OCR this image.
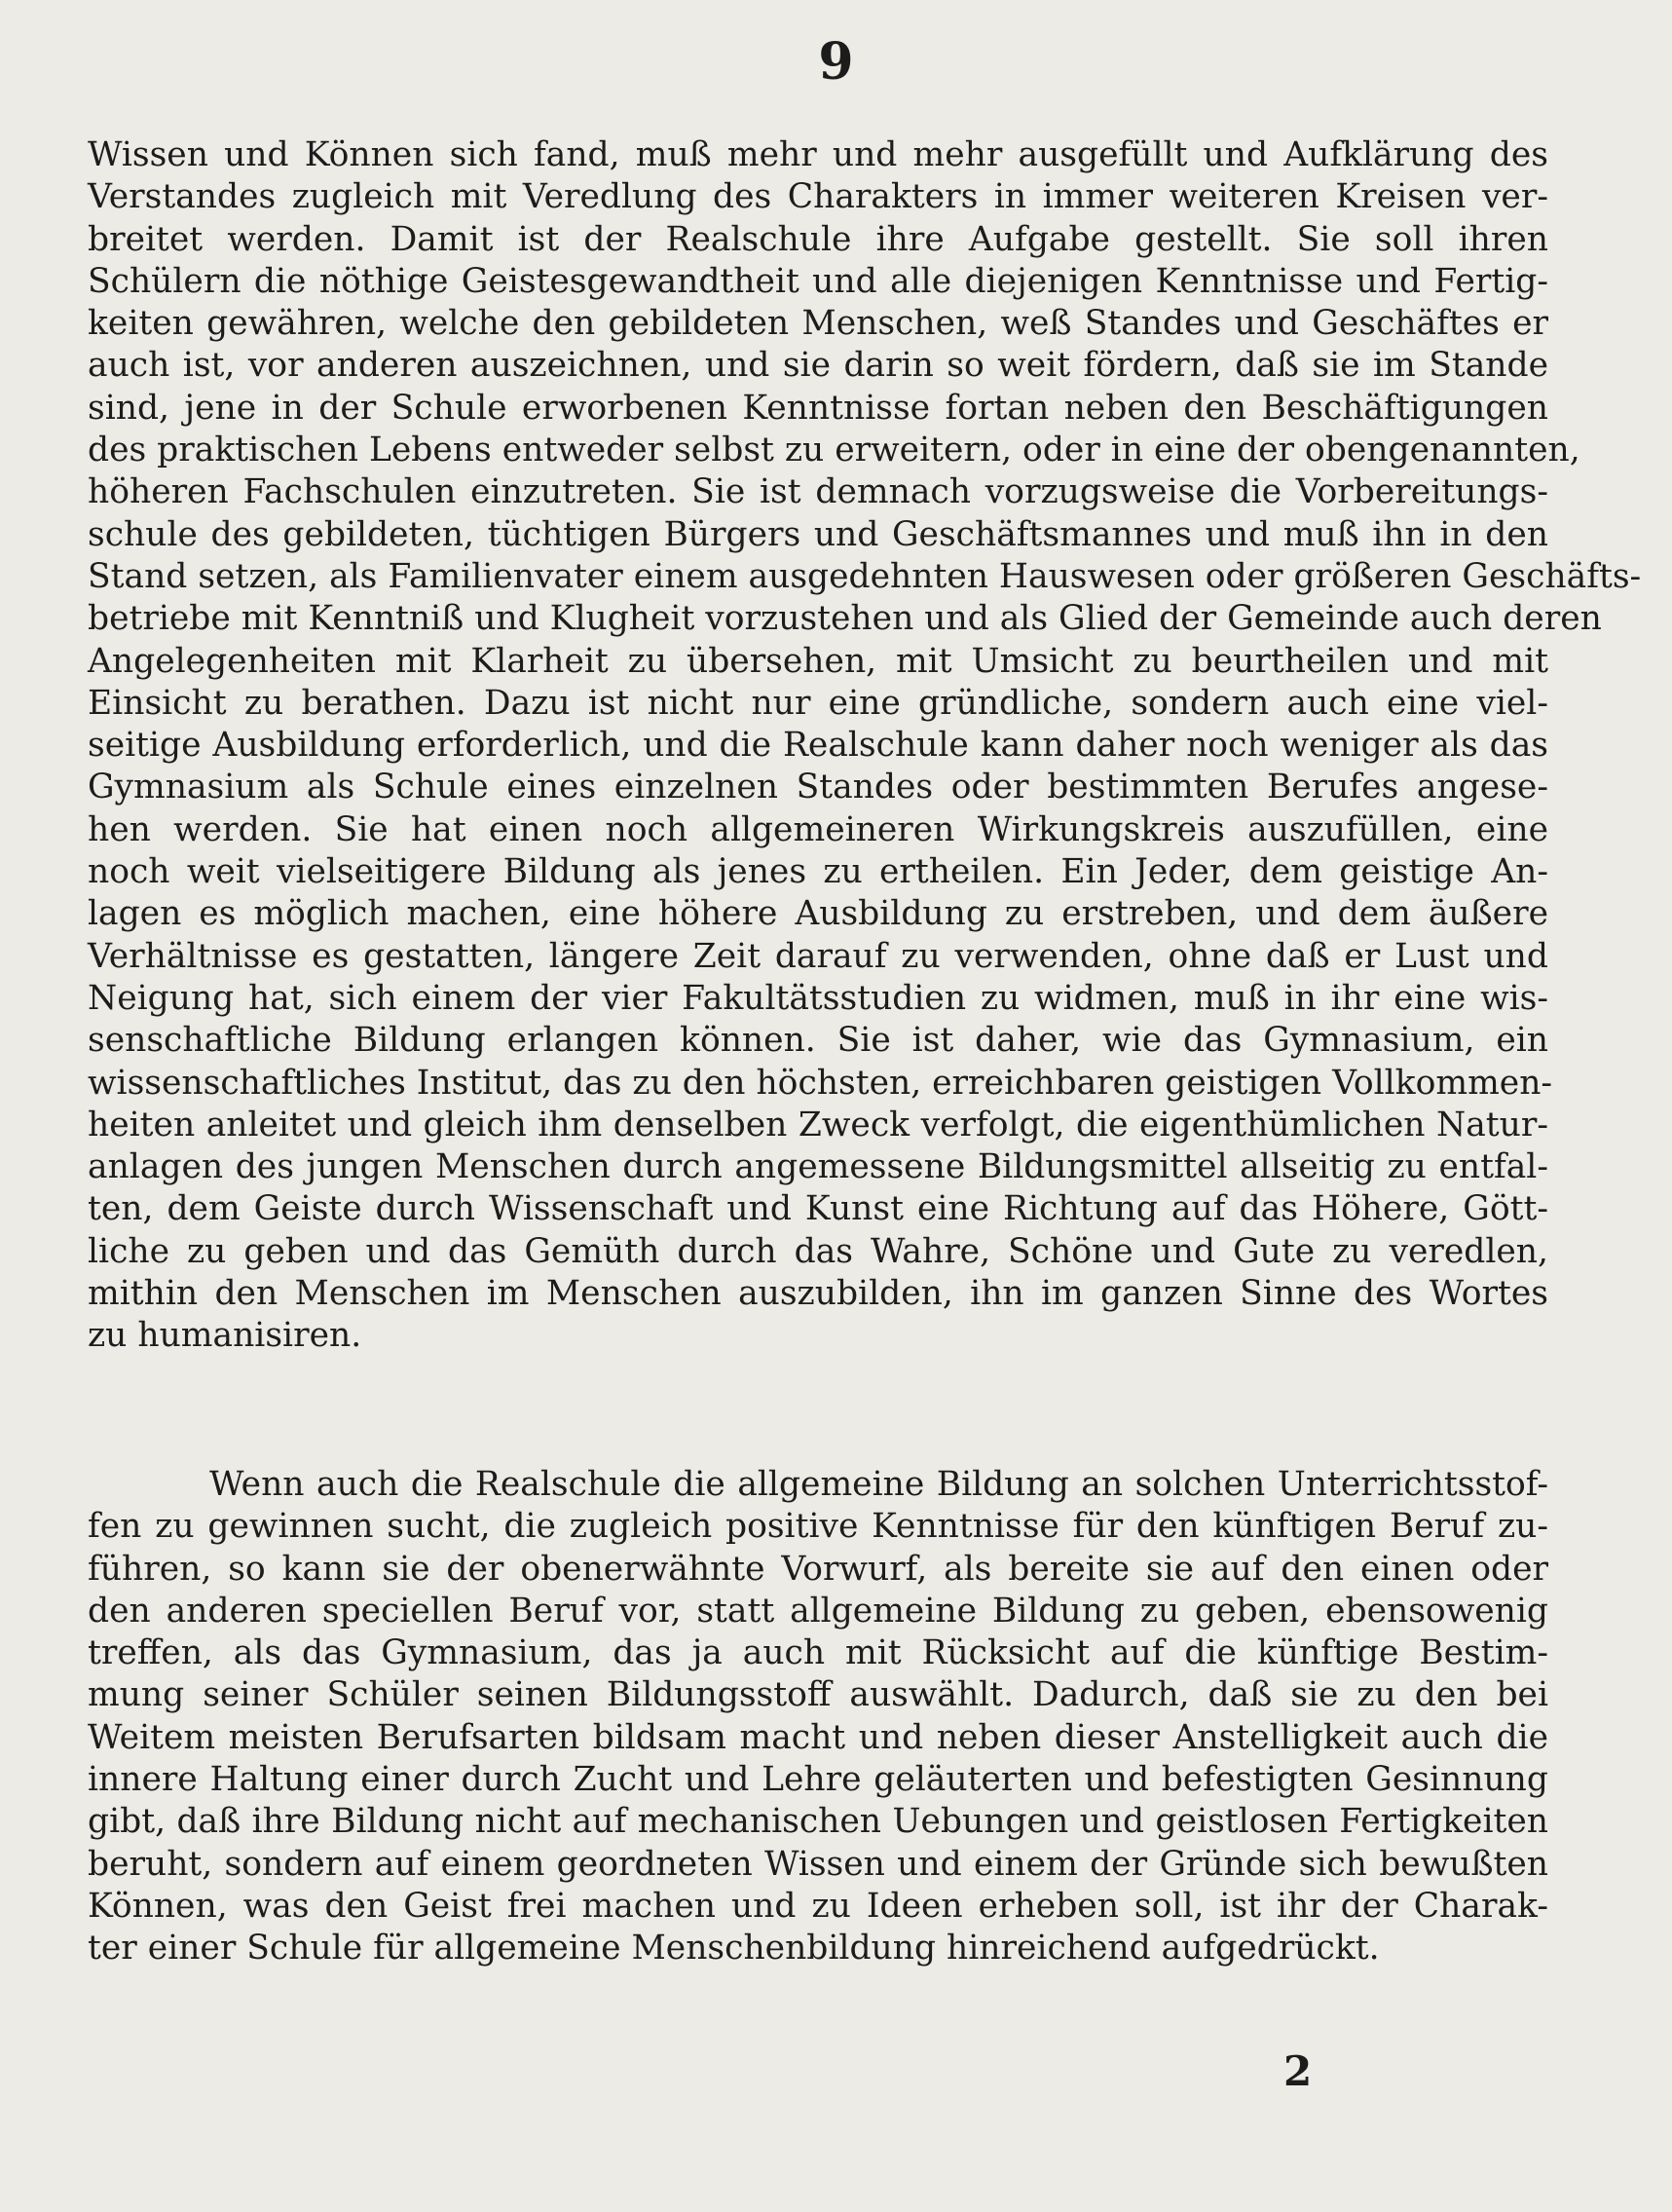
9
Wissen und Können sich fand, muß mehr und mehr ausgefüllt und Aufklärung des
Verstandes zugleich mit Veredlung des Charakters in immer weiteren Kreisen ver-
breitet werden. Damit ist der Realschule ihre Aufgabe gestellt. Sie soll ihren
Schülern die nöthige Geistesgewandtheit und alle diejenigen Kenntnisse und Fertig-
keiten gewähren, welche den gebildeten Menschen, weß Standes und Geschäftes er
auch ist, vor anderen auszeichnen, und sie darin so weit fördern, daß sie im Stande
sind, jene in der Schule erworbenen Kenntnisse fortan neben den Beschäftigungen
des praktischen Lebens entweder selbst zu erweitern, oder in eine der obengenannten,
höheren Fachschulen einzutreten. Sie ist demnach vorzugsweise die Vorbereitungs-
schule des gebildeten, tüchtigen Bürgers und Geschäftsmannes und muß ihn in den
Stand setzen, als Familienvater einem ausgedehnten Hauswesen oder größeren Geschäfts-
betriebe mit Kenntniß und Klugheit vorzustehen und als Glied der Gemeinde auch deren
Angelegenheiten mit Klarheit zu übersehen, mit Umsicht zu beurtheilen und mit
Einsicht zu berathen. Dazu ist nicht nur eine gründliche, sondern auch eine viel-
seitige Ausbildung erforderlich, und die Realschule kann daher noch weniger als das
Gymnasium als Schule eines einzelnen Standes oder bestimmten Berufes angese-
hen werden. Sie hat einen noch allgemeineren Wirkungskreis auszufüllen, eine
noch weit vielseitigere Bildung als jenes zu ertheilen. Ein Jeder, dem geistige An-
lagen es möglich machen, eine höhere Ausbildung zu erstreben, und dem äußere
Verhältnisse es gestatten, längere Zeit darauf zu verwenden, ohne daß er Lust und
Neigung hat, sich einem der vier Fakultätsstudien zu widmen, muß in ihr eine wis-
senschaftliche Bildung erlangen können. Sie ist daher, wie das Gymnasium, ein
wissenschaftliches Institut, das zu den höchsten, erreichbaren geistigen Vollkommen-
heiten anleitet und gleich ihm denselben Zweck verfolgt, die eigenthümlichen Natur-
anlagen des jungen Menschen durch angemessene Bildungsmittel allseitig zu entfal-
ten, dem Geiste durch Wissenschaft und Kunst eine Richtung auf das Höhere, Gött-
liche zu geben und das Gemüth durch das Wahre, Schöne und Gute zu veredlen,
mithin den Menschen im Menschen auszubilden, ihn im ganzen Sinne des Wortes
zu humanisiren.
Wenn auch die Realschule die allgemeine Bildung an solchen Unterrichtsstof-
fen zu gewinnen sucht, die zugleich positive Kenntnisse für den künftigen Beruf zu-
führen, so kann sie der obenerwähnte Vorwurf, als bereite sie auf den einen oder
den anderen speciellen Beruf vor, statt allgemeine Bildung zu geben, ebensowenig
treffen, als das Gymnasium, das ja auch mit Rücksicht auf die künftige Bestim-
mung seiner Schüler seinen Bildungsstoff auswählt. Dadurch, daß sie zu den bei
Weitem meisten Berufsarten bildsam macht und neben dieser Anstelligkeit auch die
innere Haltung einer durch Zucht und Lehre geläuterten und befestigten Gesinnung
gibt, daß ihre Bildung nicht auf mechanischen Uebungen und geistlosen Fertigkeiten
beruht, sondern auf einem geordneten Wissen und einem der Gründe sich bewußten
Können, was den Geist frei machen und zu Ideen erheben soll, ist ihr der Charak-
ter einer Schule für allgemeine Menschenbildung hinreichend aufgedrückt.
2
